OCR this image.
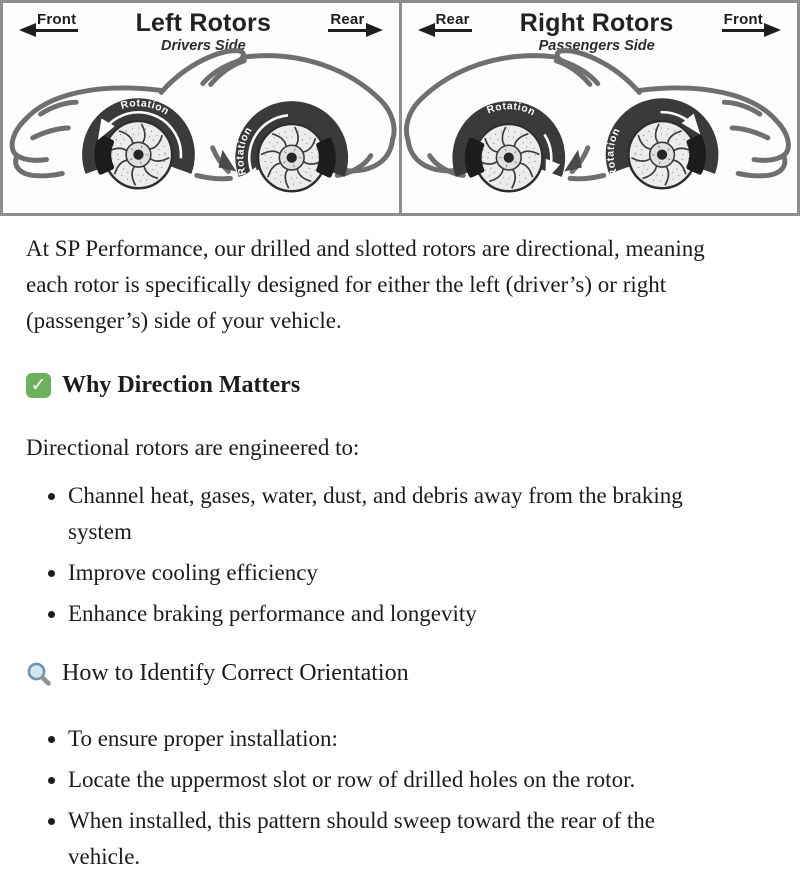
Front	Left Rotors
Drivers Side
Rear
Rotation
Rotation
Rear	Right Rotors
Passengers Side
Front
Rotation
Rotation

At SP Performance, our drilled and slotted rotors are directional, meaning each rotor is specifically designed for either the left (driver’s) or right (passenger’s) side of your vehicle.

✓ Why Direction Matters

Directional rotors are engineered to:

• Channel heat, gases, water, dust, and debris away from the braking system
• Improve cooling efficiency
• Enhance braking performance and longevity
How to Identify Correct Orientation
• To ensure proper installation:
• Locate the uppermost slot or row of drilled holes on the rotor.
• When installed, this pattern should sweep toward the rear of the vehicle.
